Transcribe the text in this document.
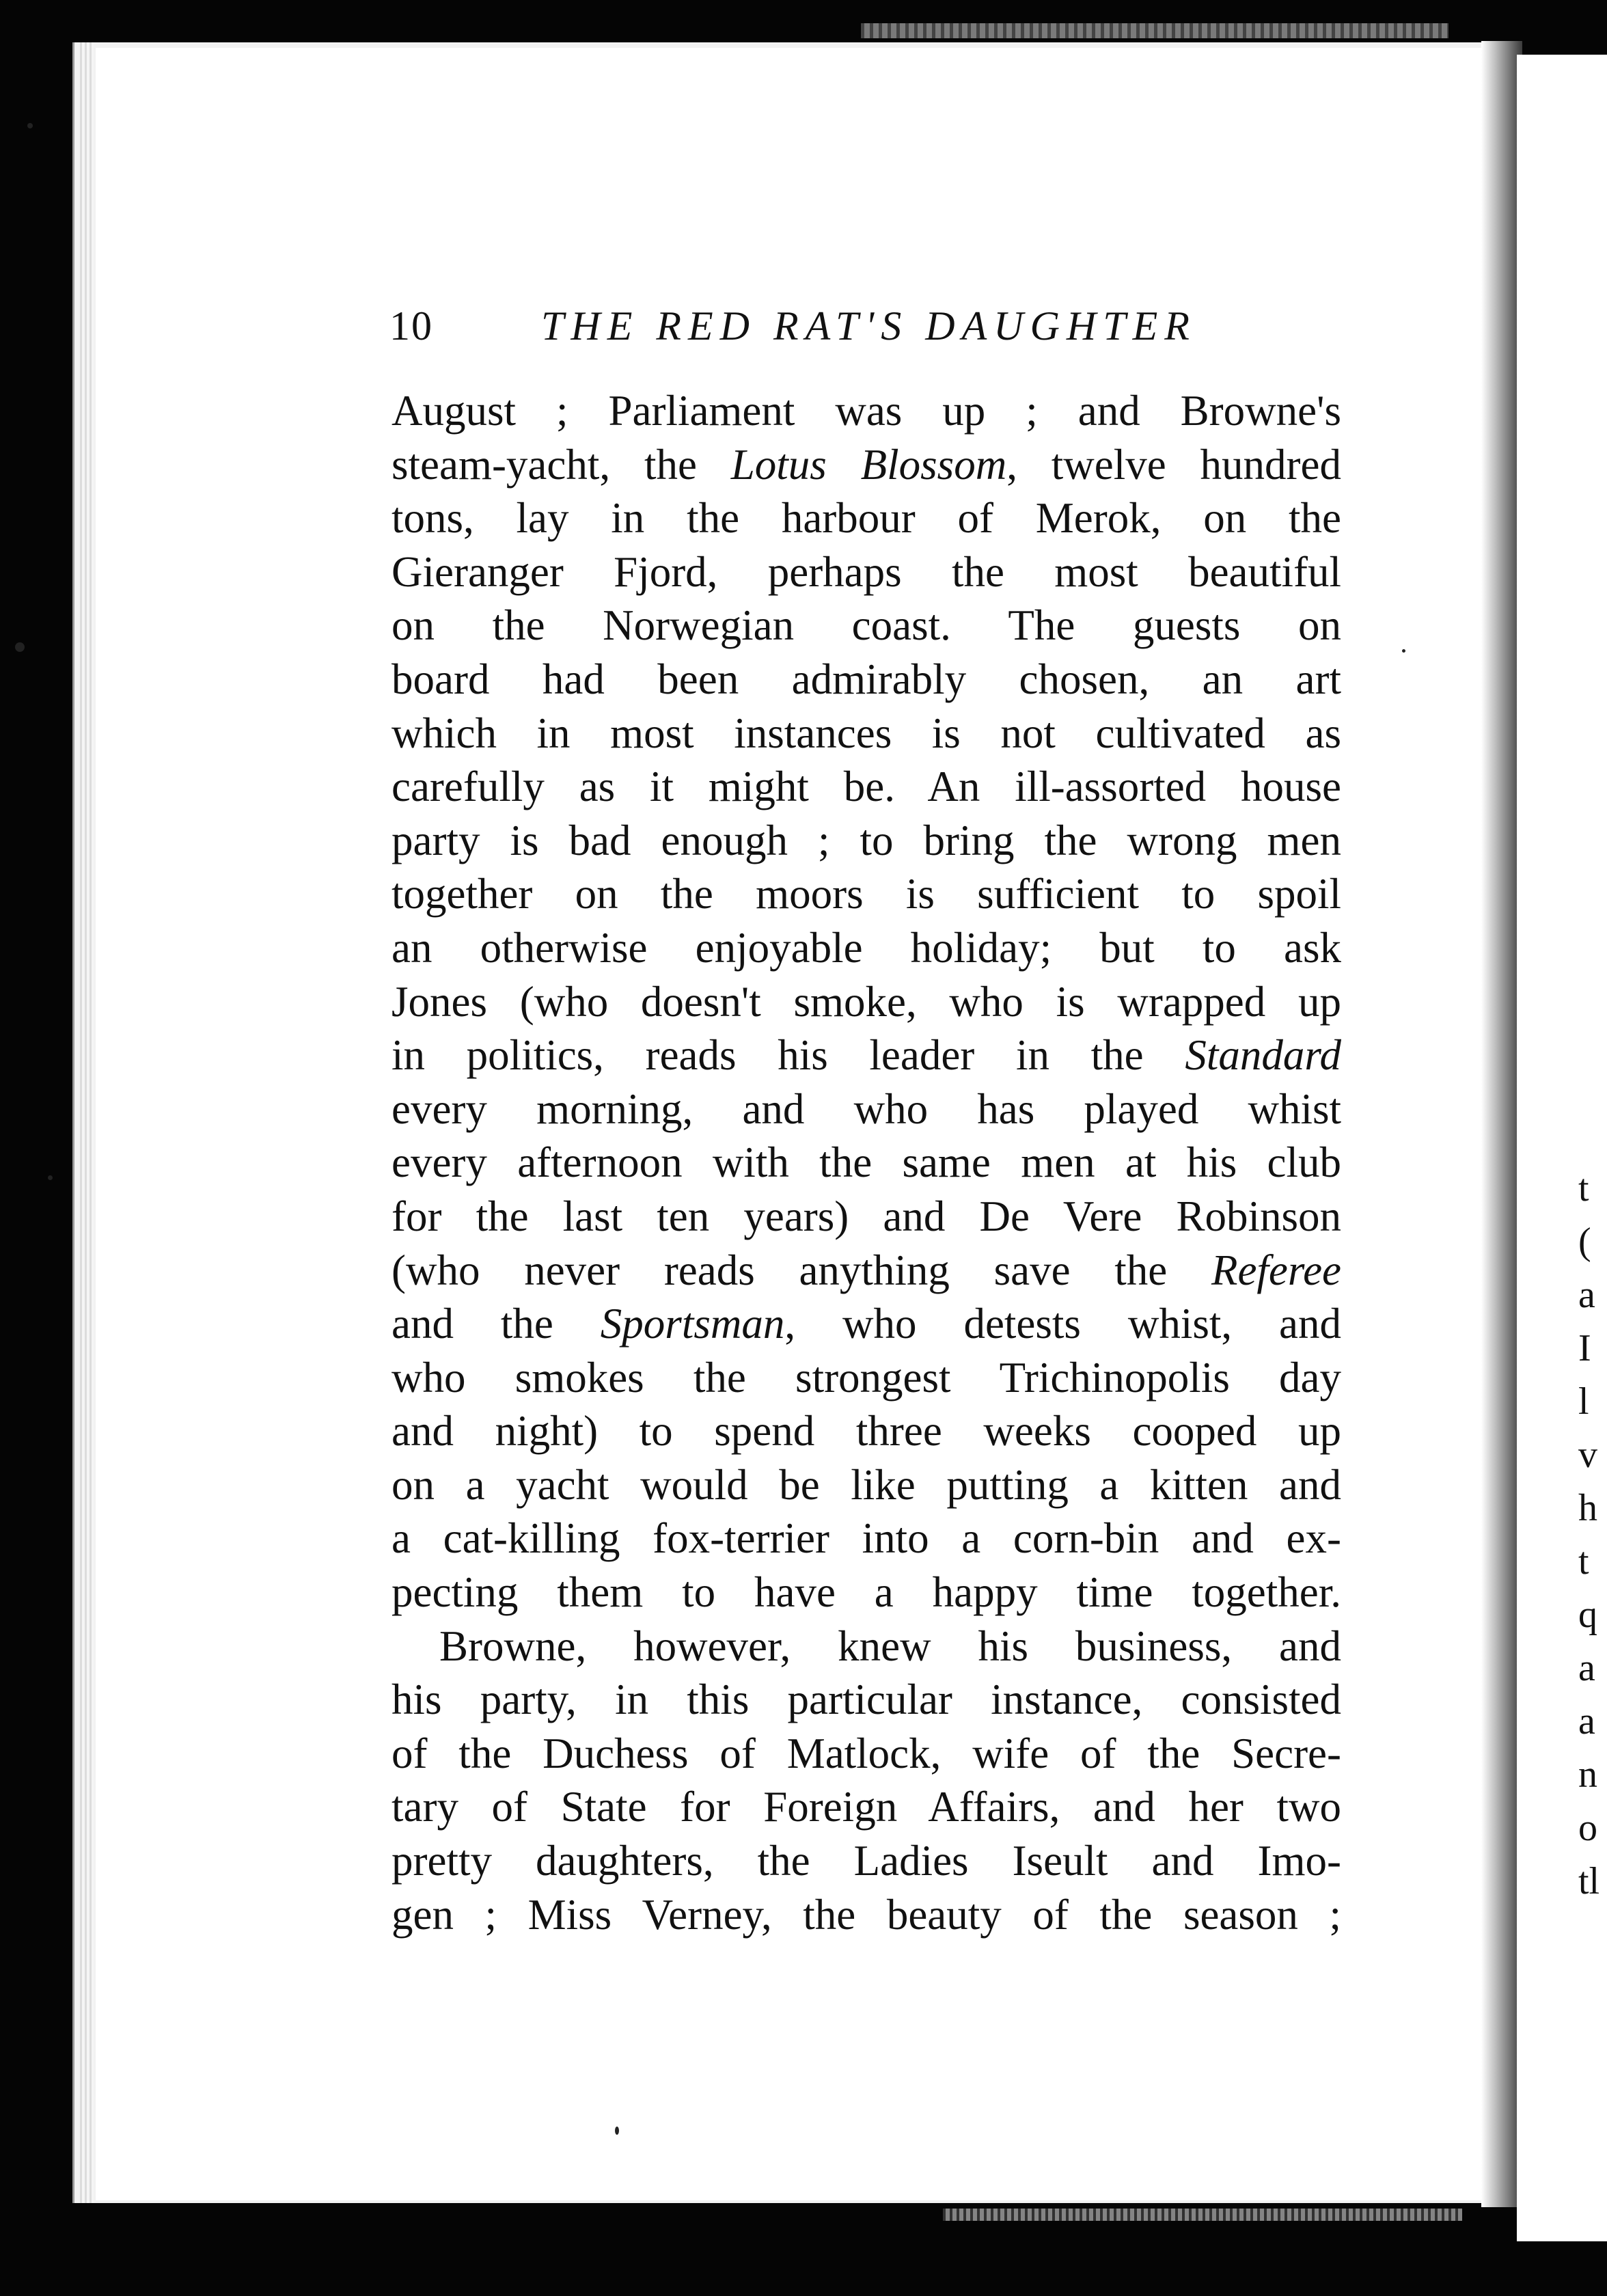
t
(
a
I
l
v
h
t
q
a
a
n
o
tl
10	THE RED RAT'S DAUGHTER
August ; Parliament was up ; and Browne's
steam-yacht, the Lotus Blossom, twelve hundred
tons, lay in the harbour of Merok, on the
Gieranger Fjord, perhaps the most beautiful
on the Norwegian coast. The guests on
board had been admirably chosen, an art
which in most instances is not cultivated as
carefully as it might be. An ill-assorted house
party is bad enough ; to bring the wrong men
together on the moors is sufficient to spoil
an otherwise enjoyable holiday; but to ask
Jones (who doesn't smoke, who is wrapped up
in politics, reads his leader in the Standard
every morning, and who has played whist
every afternoon with the same men at his club
for the last ten years) and De Vere Robinson
(who never reads anything save the Referee
and the Sportsman, who detests whist, and
who smokes the strongest Trichinopolis day
and night) to spend three weeks cooped up
on a yacht would be like putting a kitten and
a cat-killing fox-terrier into a corn-bin and ex-
pecting them to have a happy time together.
Browne, however, knew his business, and
his party, in this particular instance, consisted
of the Duchess of Matlock, wife of the Secre-
tary of State for Foreign Affairs, and her two
pretty daughters, the Ladies Iseult and Imo-
gen ; Miss Verney, the beauty of the season ;
